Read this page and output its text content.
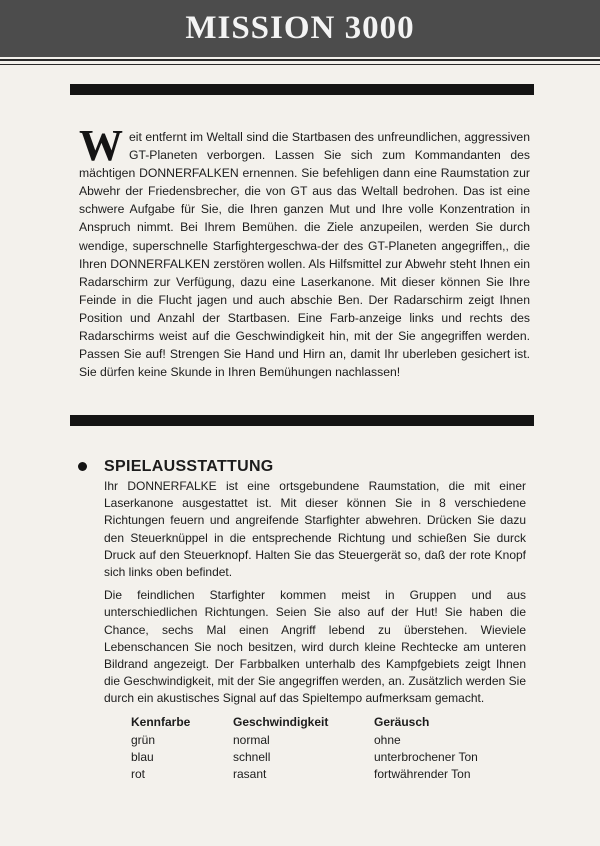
MISSION 3000

Weit entfernt im Weltall sind die Startbasen des unfreundlichen, aggressiven GT-Planeten verborgen. Lassen Sie sich zum Kommandanten des mächtigen DONNERFALKEN ernennen. Sie befehligen dann eine Raumstation zur Abwehr der Friedensbrecher, die von GT aus das Weltall bedrohen. Das ist eine schwere Aufgabe für Sie, die Ihren ganzen Mut und Ihre volle Konzentration in Anspruch nimmt. Bei Ihrem Bemühen. die Ziele anzupeilen, werden Sie durch wendige, superschnelle Starfightergeschwa-der des GT-Planeten angegriffen,, die Ihren DONNERFALKEN zerstören wollen. Als Hilfsmittel zur Abwehr steht Ihnen ein Radarschirm zur Verfügung, dazu eine Laserkanone. Mit dieser können Sie Ihre Feinde in die Flucht jagen und auch abschie Ben. Der Radarschirm zeigt Ihnen Position und Anzahl der Startbasen. Eine Farb-anzeige links und rechts des Radarschirms weist auf die Geschwindigkeit hin, mit der Sie angegriffen werden. Passen Sie auf! Strengen Sie Hand und Hirn an, damit Ihr uberleben gesichert ist. Sie dürfen keine Skunde in Ihren Bemühungen nachlassen!

SPIELAUSSTATTUNG

Ihr DONNERFALKE ist eine ortsgebundene Raumstation, die mit einer Laserkanone ausgestattet ist. Mit dieser können Sie in 8 verschiedene Richtungen feuern und angreifende Starfighter abwehren. Drücken Sie dazu den Steuerknüppel in die entsprechende Richtung und schießen Sie durck Druck auf den Steuerknopf. Halten Sie das Steuergerät so, daß der rote Knopf sich links oben befindet.

Die feindlichen Starfighter kommen meist in Gruppen und aus unterschiedlichen Richtungen. Seien Sie also auf der Hut! Sie haben die Chance, sechs Mal einen Angriff lebend zu überstehen. Wieviele Lebenschancen Sie noch besitzen, wird durch kleine Rechtecke am unteren Bildrand angezeigt. Der Farbbalken unterhalb des Kampfgebiets zeigt Ihnen die Geschwindigkeit, mit der Sie angegriffen werden, an. Zusätzlich werden Sie durch ein akustisches Signal auf das Spieltempo aufmerksam gemacht.

Kennfarbe	Geschwindigkeit	Geräusch
grün	normal	ohne
blau	schnell	unterbrochener Ton
rot	rasant	fortwährender Ton
